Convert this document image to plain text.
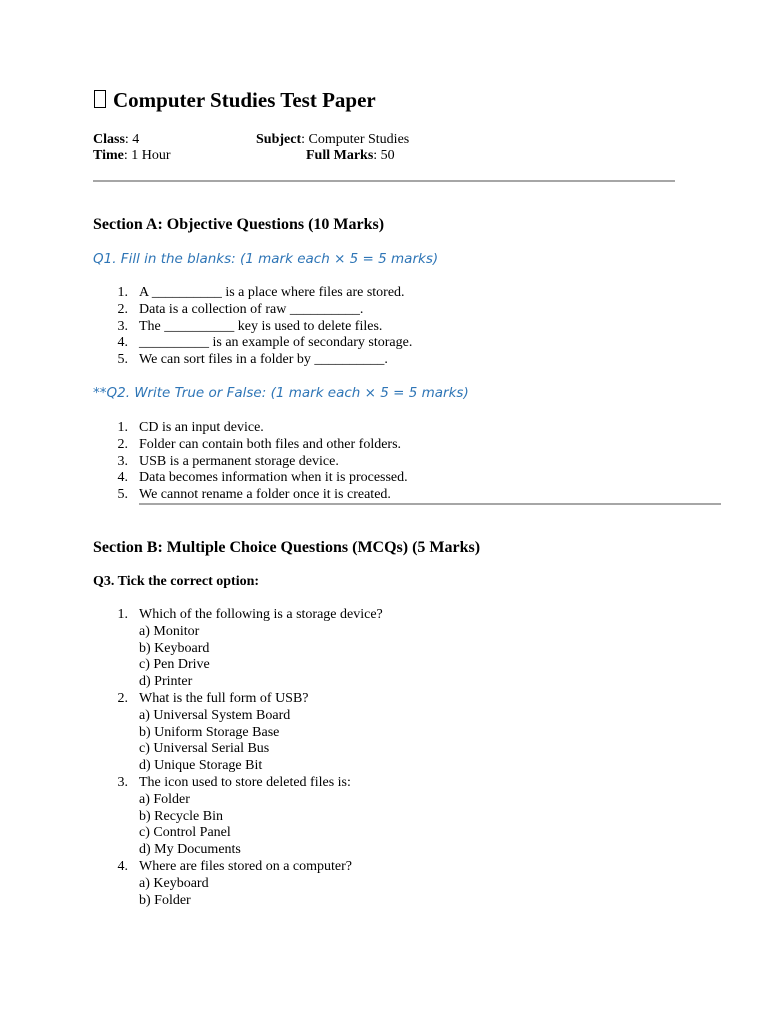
Computer Studies Test Paper
Class: 4	Subject: Computer Studies
Time: 1 Hour	Full Marks: 50
Section A: Objective Questions (10 Marks)
Q1. Fill in the blanks: (1 mark each × 5 = 5 marks)
1. A __________ is a place where files are stored.
2. Data is a collection of raw __________.
3. The __________ key is used to delete files.
4. __________ is an example of secondary storage.
5. We can sort files in a folder by __________.
**Q2. Write True or False: (1 mark each × 5 = 5 marks)
1. CD is an input device.
2. Folder can contain both files and other folders.
3. USB is a permanent storage device.
4. Data becomes information when it is processed.
5. We cannot rename a folder once it is created.
Section B: Multiple Choice Questions (MCQs) (5 Marks)
Q3. Tick the correct option:
1. Which of the following is a storage device?
a) Monitor
b) Keyboard
c) Pen Drive
d) Printer
2. What is the full form of USB?
a) Universal System Board
b) Uniform Storage Base
c) Universal Serial Bus
d) Unique Storage Bit
3. The icon used to store deleted files is:
a) Folder
b) Recycle Bin
c) Control Panel
d) My Documents
4. Where are files stored on a computer?
a) Keyboard
b) Folder
